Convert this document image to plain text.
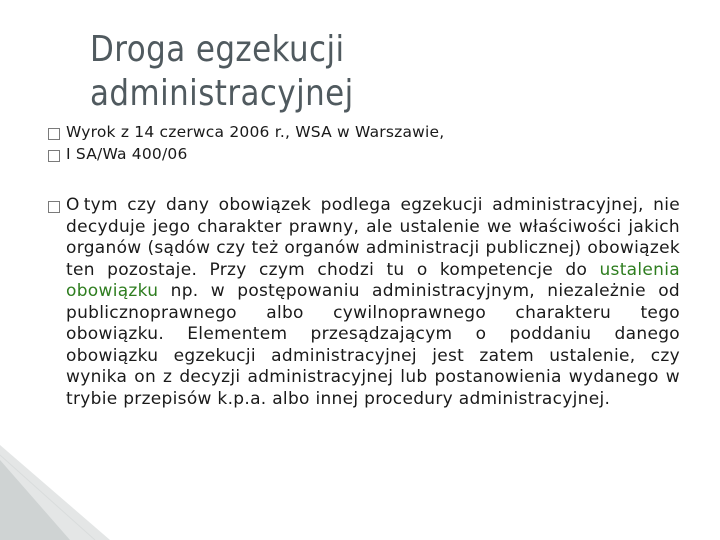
Droga egzekucji
administracyjnej
Wyrok z 14 czerwca 2006 r., WSA w Warszawie,
I SA/Wa 400/06
O tym czy dany obowiązek podlega egzekucji administracyjnej, nie decyduje jego charakter prawny, ale ustalenie we właściwości jakich organów (sądów czy też organów administracji publicznej) obowiązek ten pozostaje. Przy czym chodzi tu o kompetencje do ustalenia obowiązku np. w postępowaniu administracyjnym, niezależnie od publicznoprawnego albo cywilnoprawnego charakteru tego obowiązku. Elementem przesądzającym o poddaniu danego obowiązku egzekucji administracyjnej jest zatem ustalenie, czy wynika on z decyzji administracyjnej lub postanowienia wydanego w trybie przepisów k.p.a. albo innej procedury administracyjnej.
